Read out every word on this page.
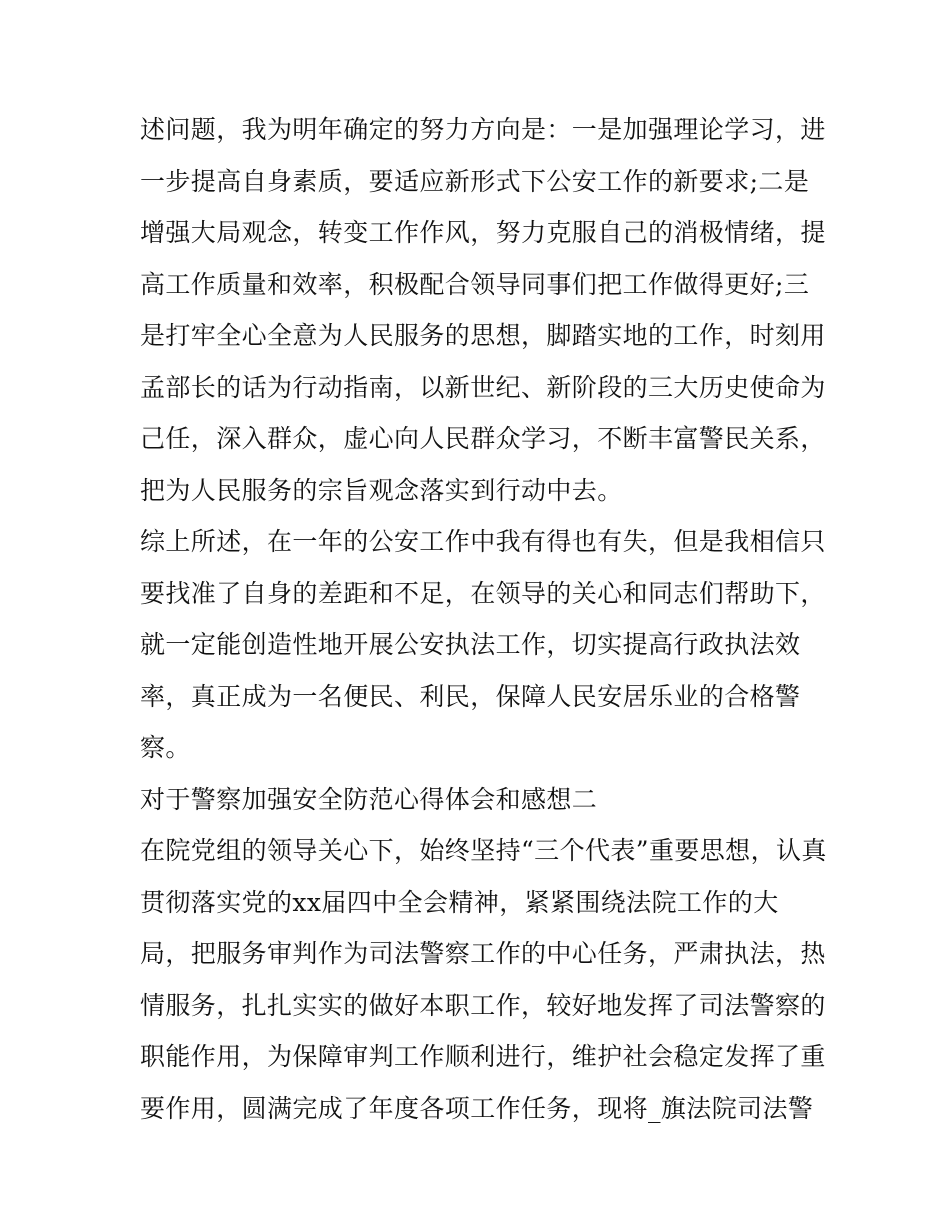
述问题，我为明年确定的努力方向是：一是加强理论学习，进

一步提高自身素质，要适应新形式下公安工作的新要求;二是

增强大局观念，转变工作作风，努力克服自己的消极情绪，提

高工作质量和效率，积极配合领导同事们把工作做得更好;三

是打牢全心全意为人民服务的思想，脚踏实地的工作，时刻用

孟部长的话为行动指南，以新世纪、新阶段的三大历史使命为

己任，深入群众，虚心向人民群众学习，不断丰富警民关系，

把为人民服务的宗旨观念落实到行动中去。

综上所述，在一年的公安工作中我有得也有失，但是我相信只

要找准了自身的差距和不足，在领导的关心和同志们帮助下，

就一定能创造性地开展公安执法工作，切实提高行政执法效

率，真正成为一名便民、利民，保障人民安居乐业的合格警

察。

对于警察加强安全防范心得体会和感想二

在院党组的领导关心下，始终坚持“三个代表”重要思想，认真

贯彻落实党的xx届四中全会精神，紧紧围绕法院工作的大

局，把服务审判作为司法警察工作的中心任务，严肃执法，热

情服务，扎扎实实的做好本职工作，较好地发挥了司法警察的

职能作用，为保障审判工作顺利进行，维护社会稳定发挥了重

要作用，圆满完成了年度各项工作任务，现将_旗法院司法警
